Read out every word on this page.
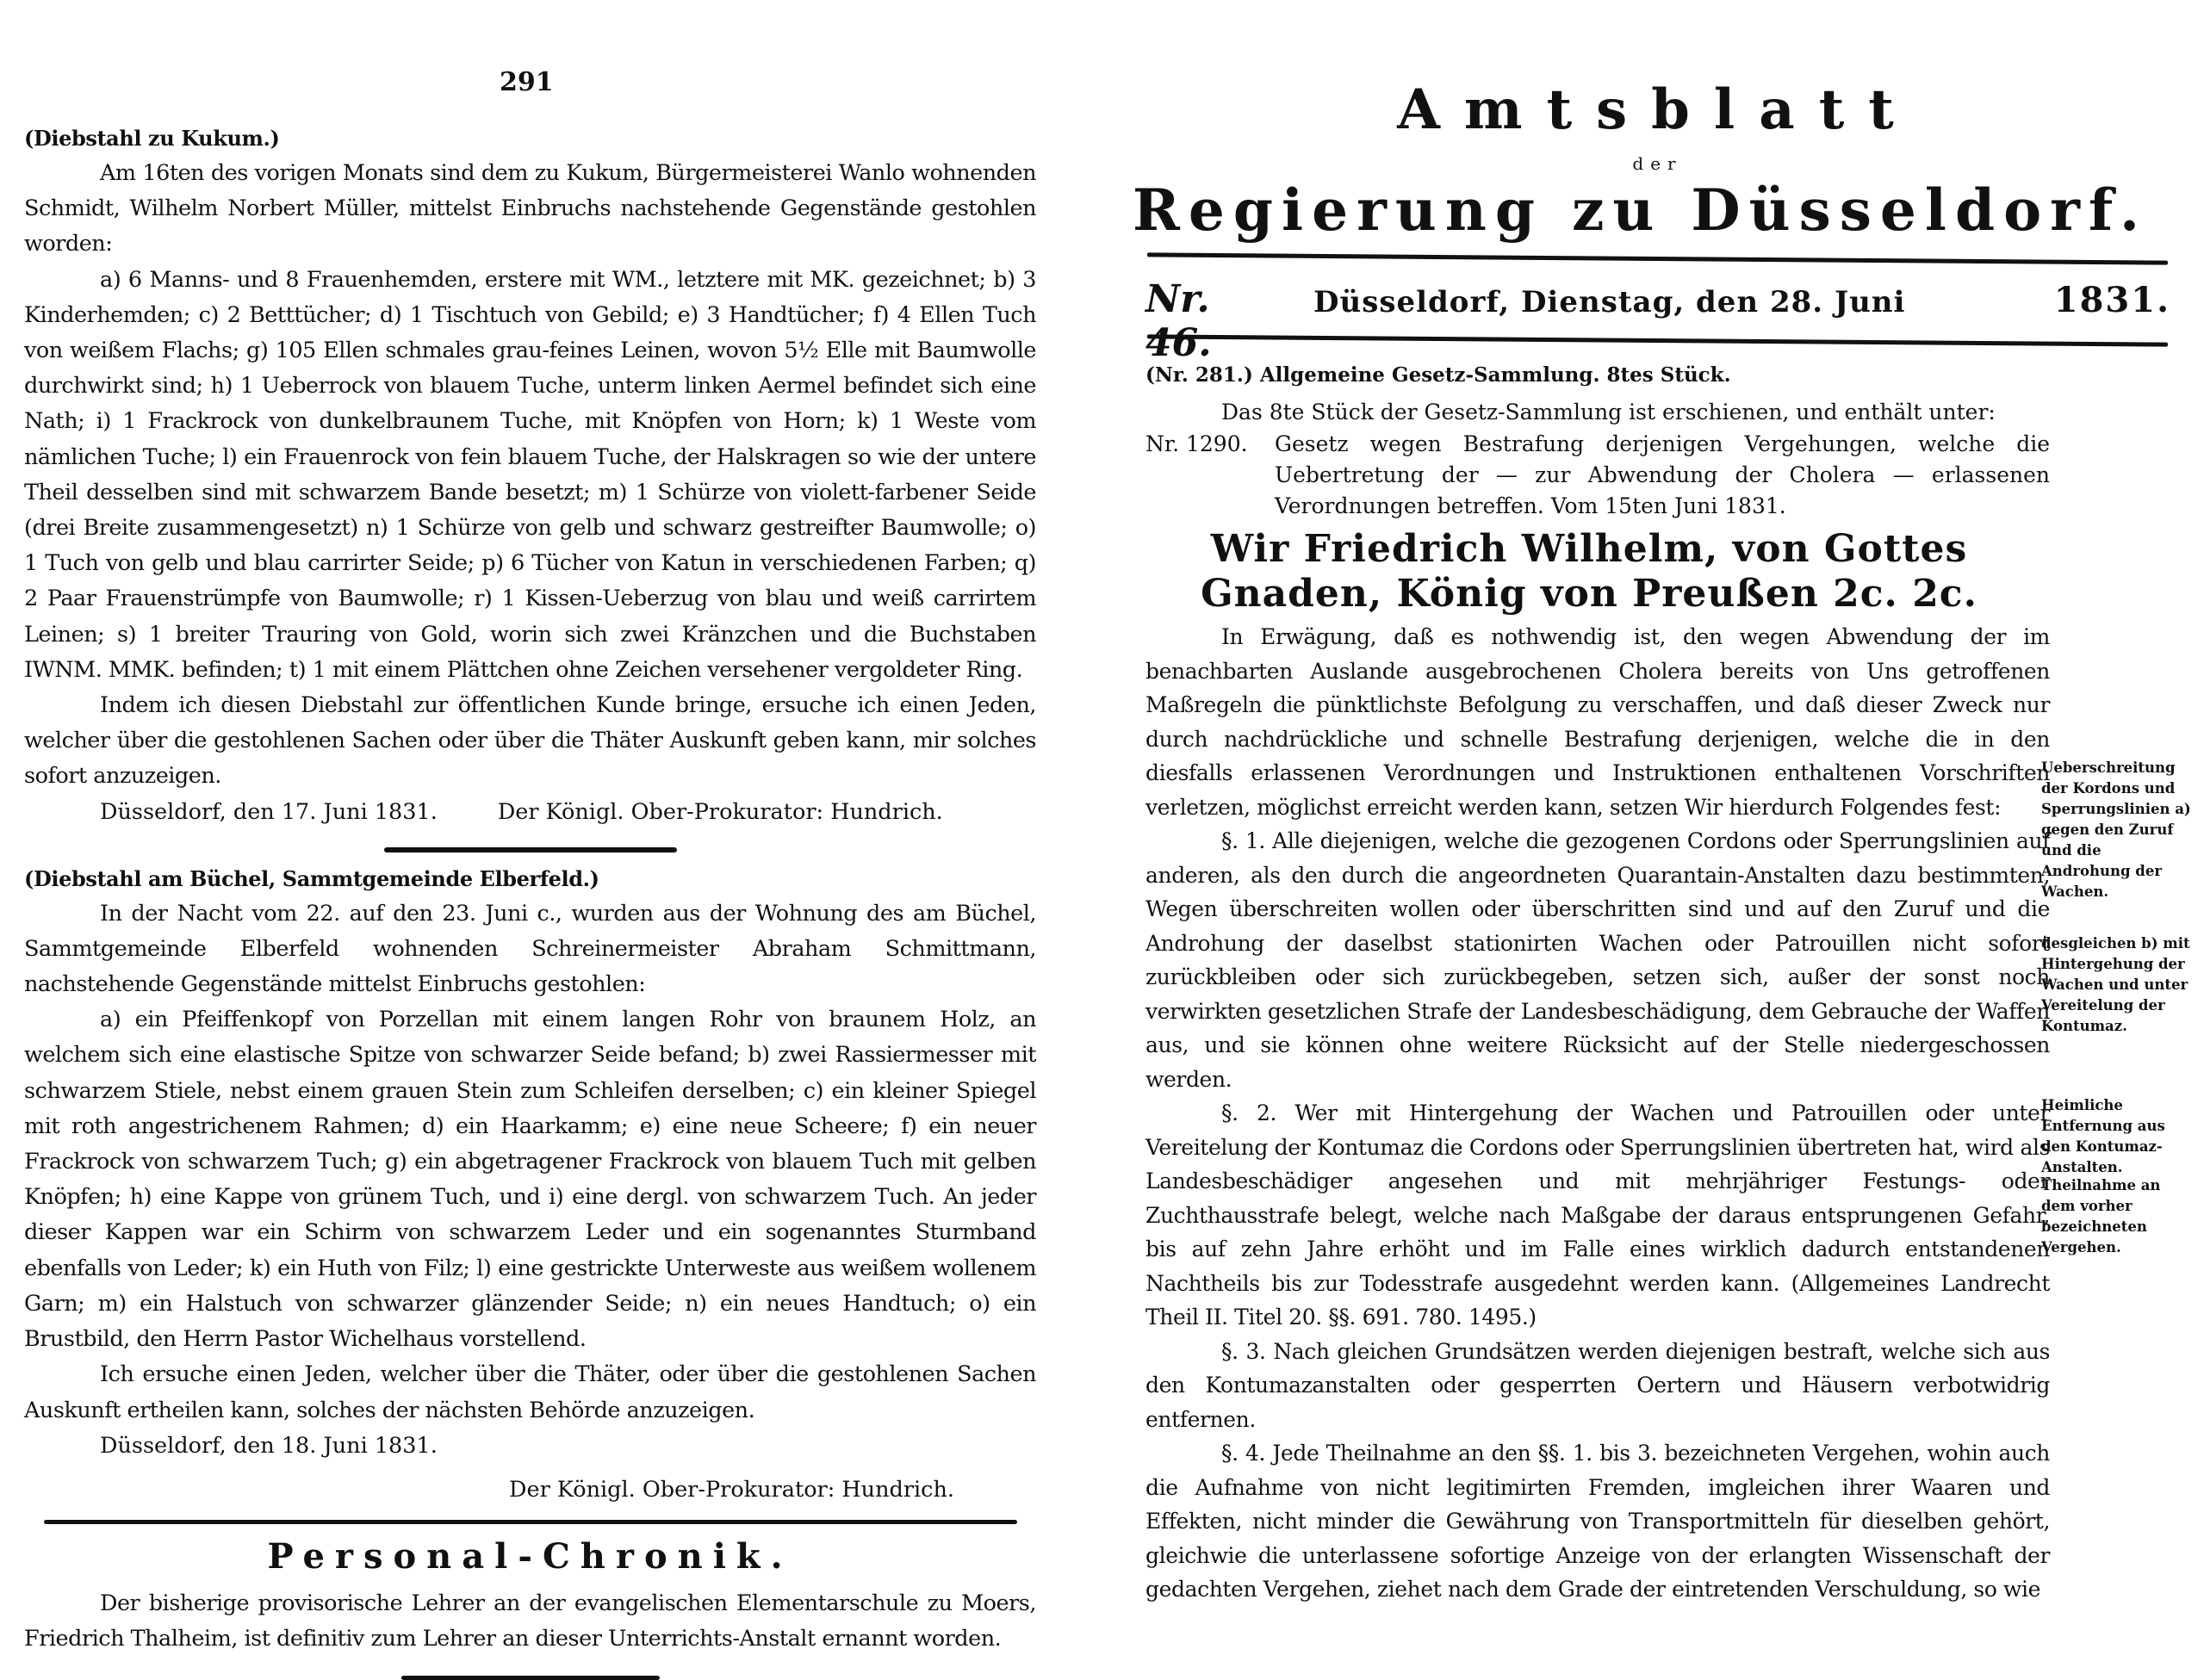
291

(Diebstahl zu Kukum.)

Am 16ten des vorigen Monats sind dem zu Kukum, Bürgermeisterei Wanlo wohnenden Schmidt, Wilhelm Norbert Müller, mittelst Einbruchs nachstehende Gegenstände gestohlen worden:

a) 6 Manns- und 8 Frauenhemden, erstere mit WM., letztere mit MK. gezeichnet; b) 3 Kinderhemden; c) 2 Betttücher; d) 1 Tischtuch von Gebild; e) 3 Handtücher; f) 4 Ellen Tuch von weißem Flachs; g) 105 Ellen schmales grau-feines Leinen, wovon 5½ Elle mit Baumwolle durchwirkt sind; h) 1 Ueberrock von blauem Tuche, unterm linken Aermel befindet sich eine Nath; i) 1 Frackrock von dunkelbraunem Tuche, mit Knöpfen von Horn; k) 1 Weste vom nämlichen Tuche; l) ein Frauenrock von fein blauem Tuche, der Halskragen so wie der untere Theil desselben sind mit schwarzem Bande besetzt; m) 1 Schürze von violett-farbener Seide (drei Breite zusammengesetzt) n) 1 Schürze von gelb und schwarz gestreifter Baumwolle; o) 1 Tuch von gelb und blau carrirter Seide; p) 6 Tücher von Katun in verschiedenen Farben; q) 2 Paar Frauenstrümpfe von Baumwolle; r) 1 Kissen-Ueberzug von blau und weiß carrirtem Leinen; s) 1 breiter Trauring von Gold, worin sich zwei Kränzchen und die Buchstaben IWNM. MMK. befinden; t) 1 mit einem Plättchen ohne Zeichen versehener vergoldeter Ring.

Indem ich diesen Diebstahl zur öffentlichen Kunde bringe, ersuche ich einen Jeden, welcher über die gestohlenen Sachen oder über die Thäter Auskunft geben kann, mir solches sofort anzuzeigen.

Düsseldorf, den 17. Juni 1831.	Der Königl. Ober-Prokurator: Hundrich.

(Diebstahl am Büchel, Sammtgemeinde Elberfeld.)

In der Nacht vom 22. auf den 23. Juni c., wurden aus der Wohnung des am Büchel, Sammtgemeinde Elberfeld wohnenden Schreinermeister Abraham Schmittmann, nachstehende Gegenstände mittelst Einbruchs gestohlen:

a) ein Pfeiffenkopf von Porzellan mit einem langen Rohr von braunem Holz, an welchem sich eine elastische Spitze von schwarzer Seide befand; b) zwei Rassiermesser mit schwarzem Stiele, nebst einem grauen Stein zum Schleifen derselben; c) ein kleiner Spiegel mit roth angestrichenem Rahmen; d) ein Haarkamm; e) eine neue Scheere; f) ein neuer Frackrock von schwarzem Tuch; g) ein abgetragener Frackrock von blauem Tuch mit gelben Knöpfen; h) eine Kappe von grünem Tuch, und i) eine dergl. von schwarzem Tuch. An jeder dieser Kappen war ein Schirm von schwarzem Leder und ein sogenanntes Sturmband ebenfalls von Leder; k) ein Huth von Filz; l) eine gestrickte Unterweste aus weißem wollenem Garn; m) ein Halstuch von schwarzer glänzender Seide; n) ein neues Handtuch; o) ein Brustbild, den Herrn Pastor Wichelhaus vorstellend.

Ich ersuche einen Jeden, welcher über die Thäter, oder über die gestohlenen Sachen Auskunft ertheilen kann, solches der nächsten Behörde anzuzeigen.

Düsseldorf, den 18. Juni 1831.

Der Königl. Ober-Prokurator: Hundrich.

Personal-Chronik.

Der bisherige provisorische Lehrer an der evangelischen Elementarschule zu Moers, Friedrich Thalheim, ist definitiv zum Lehrer an dieser Unterrichts-Anstalt ernannt worden.

Amtsblatt
der
Regierung zu Düsseldorf.
Nr. 46.
Düsseldorf, Dienstag, den 28. Juni	1831.

(Nr. 281.) Allgemeine Gesetz-Sammlung. 8tes Stück.

Das 8te Stück der Gesetz-Sammlung ist erschienen, und enthält unter:

Nr. 1290.	Gesetz wegen Bestrafung derjenigen Vergehungen, welche die Uebertretung der — zur Abwendung der Cholera — erlassenen Verordnungen betreffen. Vom 15ten Juni 1831.
Wir Friedrich Wilhelm, von Gottes Gnaden, König von Preußen 2c. 2c.

In Erwägung, daß es nothwendig ist, den wegen Abwendung der im benachbarten Auslande ausgebrochenen Cholera bereits von Uns getroffenen Maßregeln die pünktlichste Befolgung zu verschaffen, und daß dieser Zweck nur durch nachdrückliche und schnelle Bestrafung derjenigen, welche die in den diesfalls erlassenen Verordnungen und Instruktionen enthaltenen Vorschriften verletzen, möglichst erreicht werden kann, setzen Wir hierdurch Folgendes fest:

§. 1. Alle diejenigen, welche die gezogenen Cordons oder Sperrungslinien auf anderen, als den durch die angeordneten Quarantain-Anstalten dazu bestimmten, Wegen überschreiten wollen oder überschritten sind und auf den Zuruf und die Androhung der daselbst stationirten Wachen oder Patrouillen nicht sofort zurückbleiben oder sich zurückbegeben, setzen sich, außer der sonst noch verwirkten gesetzlichen Strafe der Landesbeschädigung, dem Gebrauche der Waffen aus, und sie können ohne weitere Rücksicht auf der Stelle niedergeschossen werden.

§. 2. Wer mit Hintergehung der Wachen und Patrouillen oder unter Vereitelung der Kontumaz die Cordons oder Sperrungslinien übertreten hat, wird als Landesbeschädiger angesehen und mit mehrjähriger Festungs- oder Zuchthausstrafe belegt, welche nach Maßgabe der daraus entsprungenen Gefahr, bis auf zehn Jahre erhöht und im Falle eines wirklich dadurch entstandenen Nachtheils bis zur Todesstrafe ausgedehnt werden kann. (Allgemeines Landrecht Theil II. Titel 20. §§. 691. 780. 1495.)

§. 3. Nach gleichen Grundsätzen werden diejenigen bestraft, welche sich aus den Kontumazanstalten oder gesperrten Oertern und Häusern verbotwidrig entfernen.

§. 4. Jede Theilnahme an den §§. 1. bis 3. bezeichneten Vergehen, wohin auch die Aufnahme von nicht legitimirten Fremden, imgleichen ihrer Waaren und Effekten, nicht minder die Gewährung von Transportmitteln für dieselben gehört, gleichwie die unterlassene sofortige Anzeige von der erlangten Wissenschaft der gedachten Vergehen, ziehet nach dem Grade der eintretenden Verschuldung, so wie

Ueberschreitung der Kordons und Sperrungslinien a) gegen den Zuruf und die Androhung der Wachen.
desgleichen b) mit Hintergehung der Wachen und unter Vereitelung der Kontumaz.
Heimliche Entfernung aus den Kontumaz-Anstalten.
Theilnahme an dem vorher bezeichneten Vergehen.
